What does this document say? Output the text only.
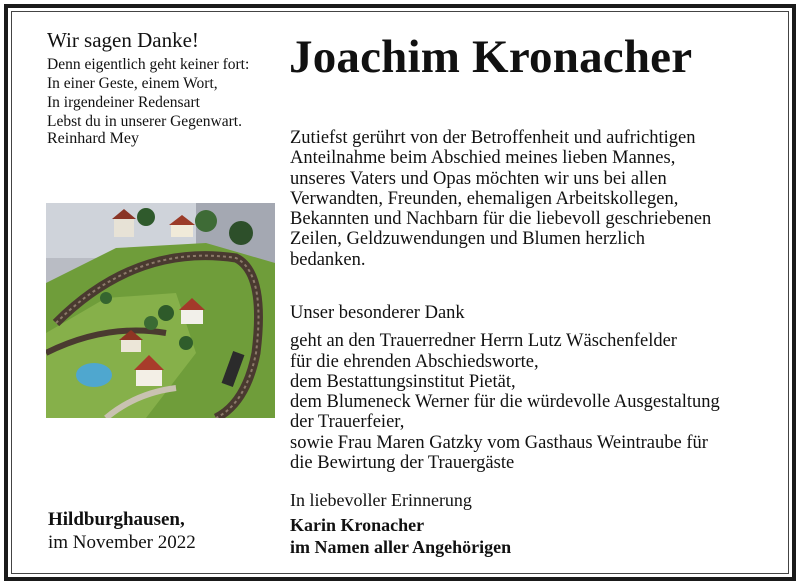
Wir sagen Danke!
Denn eigentlich geht keiner fort:
In einer Geste, einem Wort,
In irgendeiner Redensart
Lebst du in unserer Gegenwart.
Reinhard Mey
Joachim Kronacher
Zutiefst gerührt von der Betroffenheit und aufrichtigen
Anteilnahme beim Abschied meines lieben Mannes,
unseres Vaters und Opas möchten wir uns bei allen
Verwandten, Freunden, ehemaligen Arbeitskollegen,
Bekannten und Nachbarn für die liebevoll geschriebenen
Zeilen, Geldzuwendungen und Blumen herzlich
bedanken.
Unser besonderer Dank
geht an den Trauerredner Herrn Lutz Wäschenfelder
für die ehrenden Abschiedsworte,
dem Bestattungsinstitut Pietät,
dem Blumeneck Werner für die würdevolle Ausgestaltung
der Trauerfeier,
sowie Frau Maren Gatzky vom Gasthaus Weintraube für
die Bewirtung der Trauergäste
In liebevoller Erinnerung
Karin Kronacher
im Namen aller Angehörigen
Hildburghausen,
im November 2022
